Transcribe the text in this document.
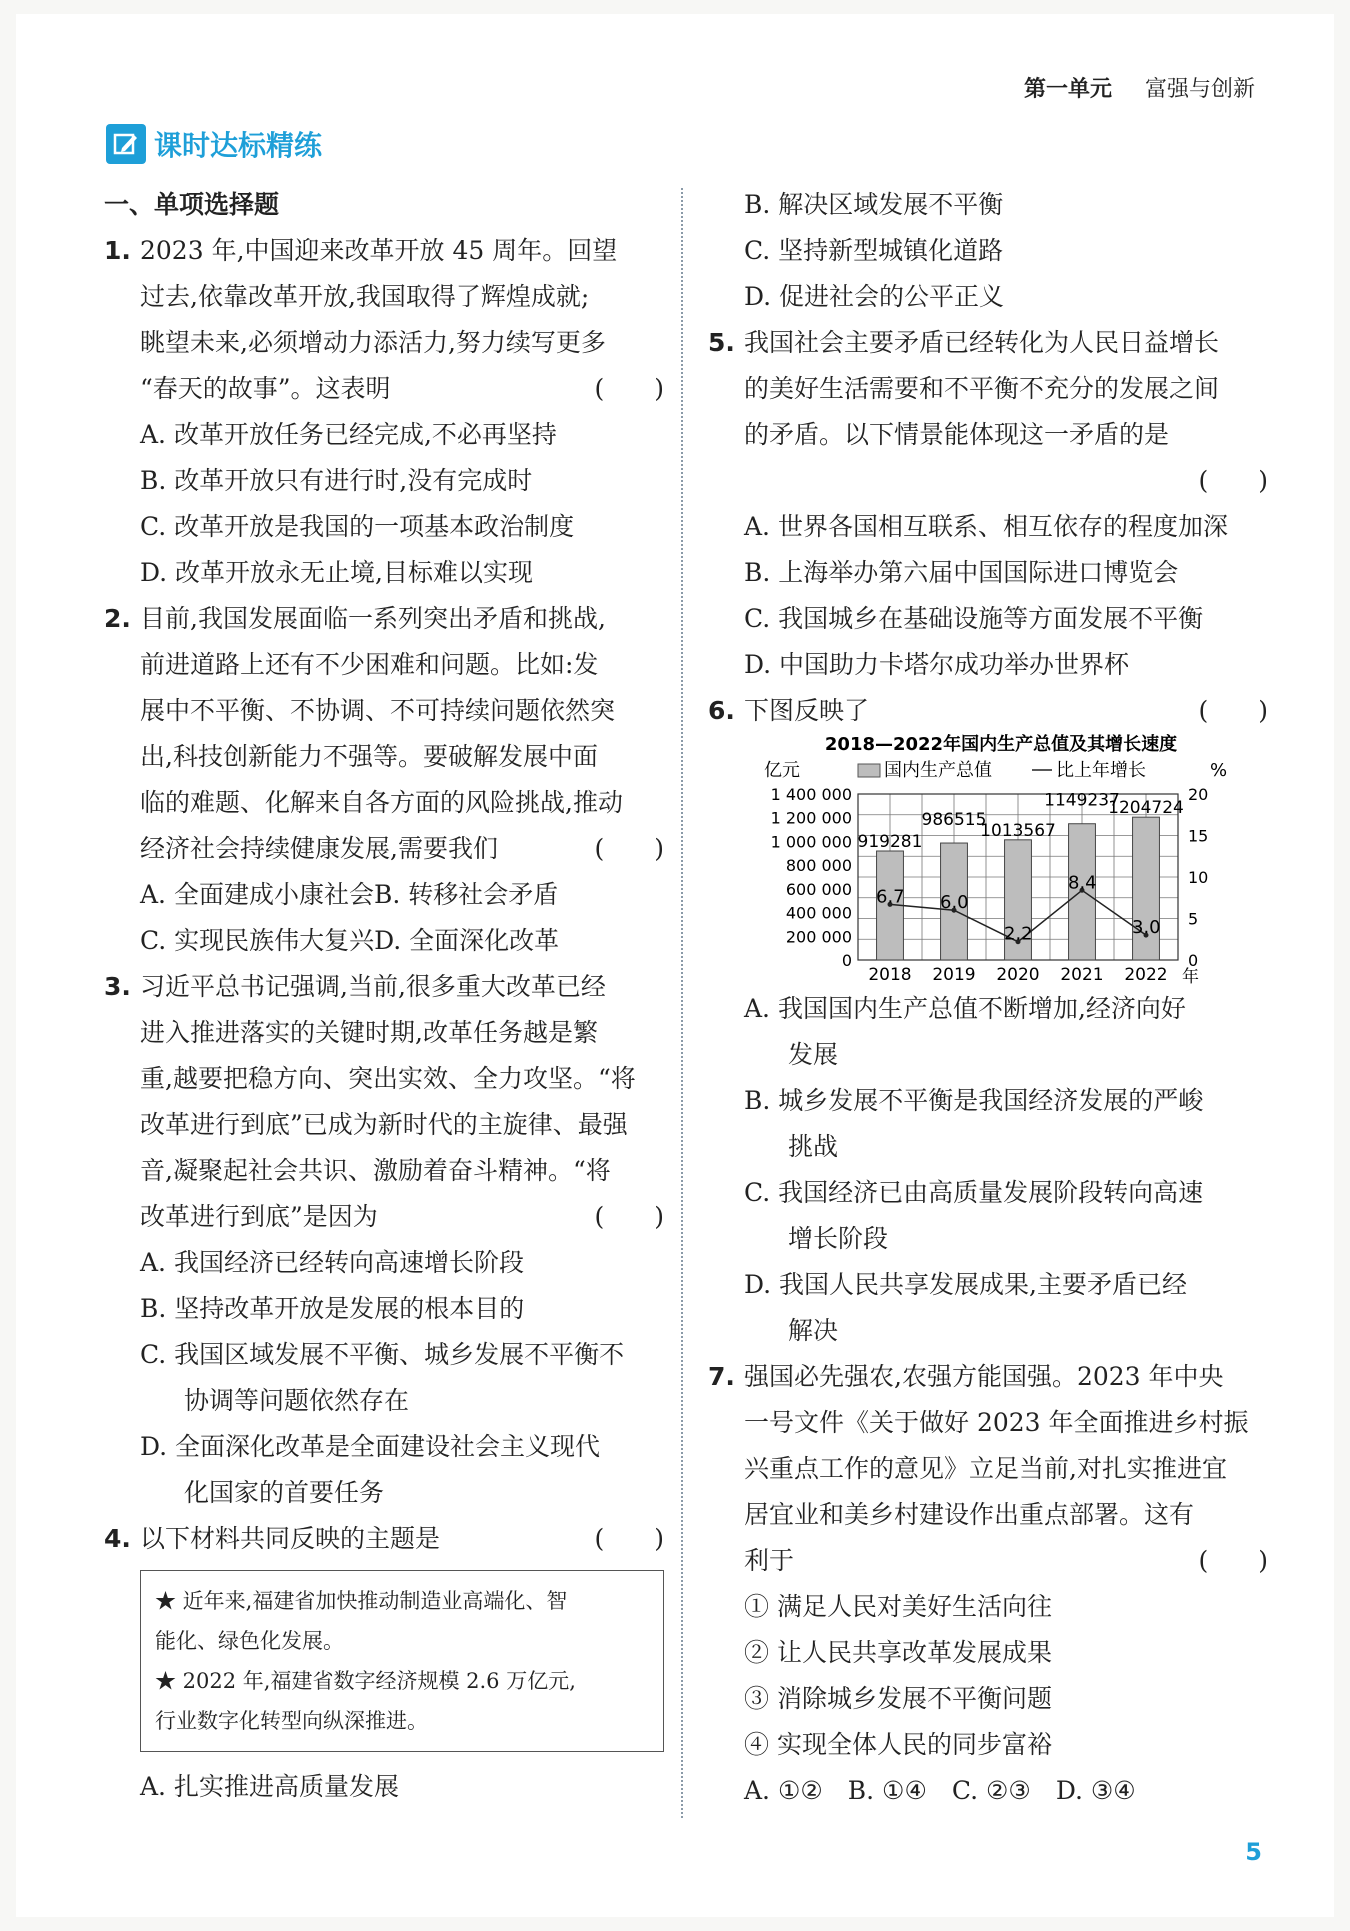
第一单元 富强与创新
课时达标精练
一、单项选择题
1. 2023 年,中国迎来改革开放 45 周年。回望
过去,依靠改革开放,我国取得了辉煌成就;
眺望未来,必须增动力添活力,努力续写更多
“春天的故事”。这表明	(　　)
A. 改革开放任务已经完成,不必再坚持
B. 改革开放只有进行时,没有完成时
C. 改革开放是我国的一项基本政治制度
D. 改革开放永无止境,目标难以实现
2. 目前,我国发展面临一系列突出矛盾和挑战,
前进道路上还有不少困难和问题。比如:发
展中不平衡、不协调、不可持续问题依然突
出,科技创新能力不强等。要破解发展中面
临的难题、化解来自各方面的风险挑战,推动
经济社会持续健康发展,需要我们	(　　)
A. 全面建成小康社会B. 转移社会矛盾
C. 实现民族伟大复兴D. 全面深化改革
3. 习近平总书记强调,当前,很多重大改革已经
进入推进落实的关键时期,改革任务越是繁
重,越要把稳方向、突出实效、全力攻坚。“将
改革进行到底”已成为新时代的主旋律、最强
音,凝聚起社会共识、激励着奋斗精神。“将
改革进行到底”是因为	(　　)
A. 我国经济已经转向高速增长阶段
B. 坚持改革开放是发展的根本目的
C. 我国区域发展不平衡、城乡发展不平衡不
协调等问题依然存在
D. 全面深化改革是全面建设社会主义现代
化国家的首要任务
4. 以下材料共同反映的主题是	(　　)
★ 近年来,福建省加快推动制造业高端化、智
能化、绿色化发展。
★ 2022 年,福建省数字经济规模 2.6 万亿元,
行业数字化转型向纵深推进。
A. 扎实推进高质量发展
B. 解决区域发展不平衡
C. 坚持新型城镇化道路
D. 促进社会的公平正义
5. 我国社会主要矛盾已经转化为人民日益增长
的美好生活需要和不平衡不充分的发展之间
的矛盾。以下情景能体现这一矛盾的是
(　　)
A. 世界各国相互联系、相互依存的程度加深
B. 上海举办第六届中国国际进口博览会
C. 我国城乡在基础设施等方面发展不平衡
D. 中国助力卡塔尔成功举办世界杯
6. 下图反映了	(　　)
2018—2022年国内生产总值及其增长速度
亿元	国内生产总值	比上年增长	%
0
200 000
400 000
600 000
800 000
1 000 000
1 200 000
1 400 000
0
5
10
15
20
919281
2018
986515
2019
1013567
2020
1149237
2021
1204724
2022 年
6.7 6.0
2.2
8.4
3.0
A. 我国国内生产总值不断增加,经济向好
发展
B. 城乡发展不平衡是我国经济发展的严峻
挑战
C. 我国经济已由高质量发展阶段转向高速
增长阶段
D. 我国人民共享发展成果,主要矛盾已经
解决
7. 强国必先强农,农强方能国强。2023 年中央
一号文件《关于做好 2023 年全面推进乡村振
兴重点工作的意见》立足当前,对扎实推进宜
居宜业和美乡村建设作出重点部署。这有
利于	(　　)
① 满足人民对美好生活向往
② 让人民共享改革发展成果
③ 消除城乡发展不平衡问题
④ 实现全体人民的同步富裕
A. ①②　B. ①④　C. ②③　D. ③④
5
